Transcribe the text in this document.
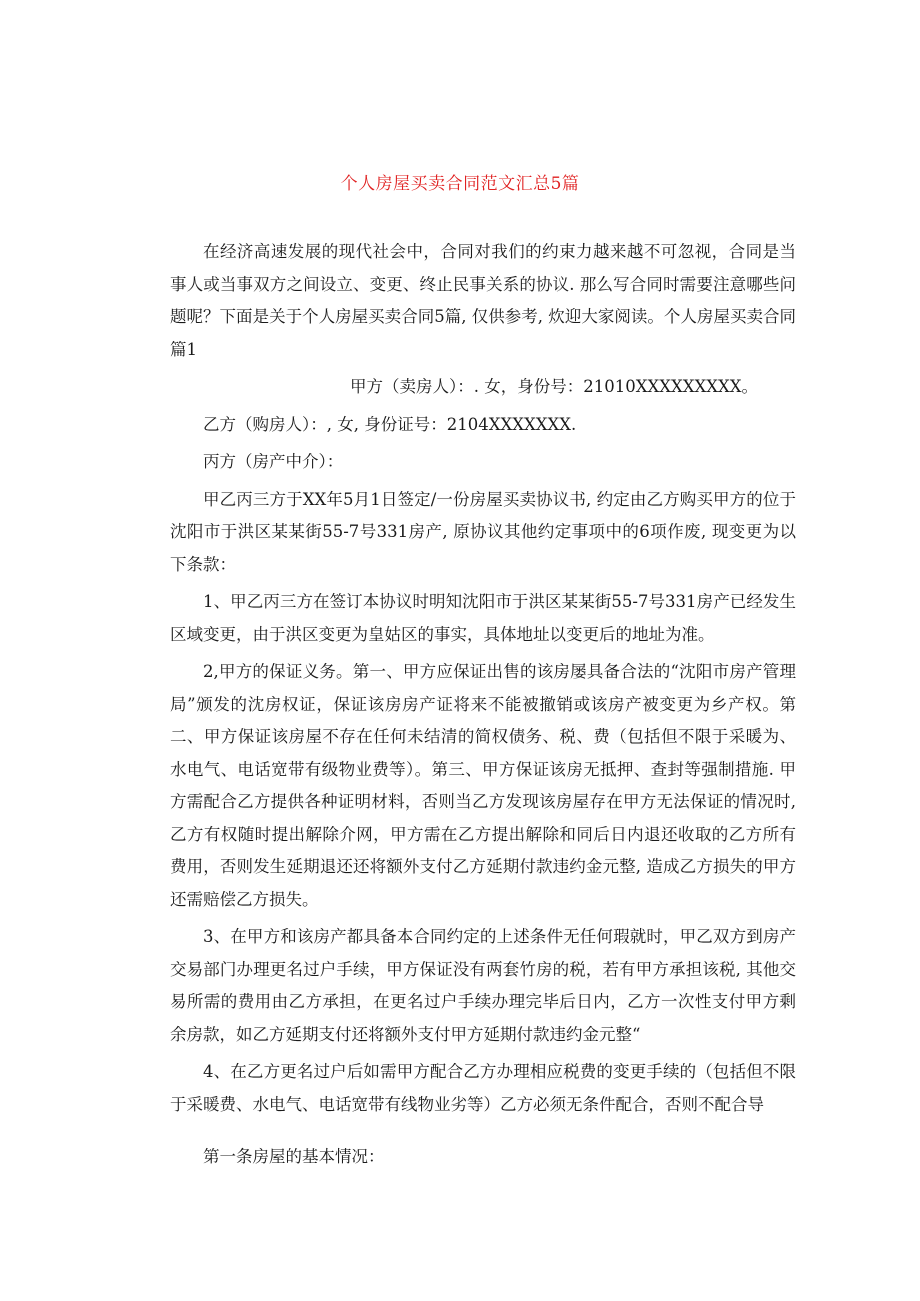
个人房屋买卖合同范文汇总5篇

在经济高速发展的现代社会中，合同对我们的约束力越来越不可忽视，合同是当事人或当事双方之间设立、变更、终止民事关系的协议. 那么写合同时需要注意哪些问题呢？下面是关于个人房屋买卖合同5篇, 仅供参考, 炊迎大家阅读。个人房屋买卖合同篇1

甲方（卖房人）：. 女，身份号：21010XXXXXXXXX。

乙方（购房人）：, 女, 身份证号：2104XXXXXXX.

丙方（房产中介）：

甲乙丙三方于XX年5月1日签定/一份房屋买卖协议书, 约定由乙方购买甲方的位于沈阳市于洪区某某街55-7号331房产, 原协议其他约定事项中的6项作废, 现变更为以下条款：

1、甲乙丙三方在签订本协议时明知沈阳市于洪区某某街55-7号331房产已经发生区域变更，由于洪区变更为皇姑区的事实，具体地址以变更后的地址为准。

2,甲方的保证义务。第一、甲方应保证出售的该房屡具备合法的“沈阳市房产管理局”颁发的沈房权证，保证该房房产证将来不能被撤销或该房产被变更为乡产权。第二、甲方保证该房屋不存在任何未结清的简权债务、税、费（包括但不限于采暖为、水电气、电话宽带有级物业费等）。第三、甲方保证该房无抵押、查封等强制措施. 甲方需配合乙方提供各种证明材料，否则当乙方发现该房屋存在甲方无法保证的情况时, 乙方有权随时提出解除介网，甲方需在乙方提出解除和同后日内退还收取的乙方所有费用，否则发生延期退还还将额外支付乙方延期付款违约金元整, 造成乙方损失的甲方还需赔偿乙方损失。

3、在甲方和该房产都具备本合同约定的上述条件无任何瑕就时，甲乙双方到房产交易部门办理更名过户手续，甲方保证没有两套竹房的税，若有甲方承担该税, 其他交易所需的费用由乙方承担，在更名过户手续办理完毕后日内，乙方一次性支付甲方剩余房款，如乙方延期支付还将额外支付甲方延期付款违约金元整“

4、在乙方更名过户后如需甲方配合乙方办理相应税费的变更手续的（包括但不限于采暖费、水电气、电话宽带有线物业劣等）乙方必须无条件配合，否则不配合导

第一条房屋的基本情况：
